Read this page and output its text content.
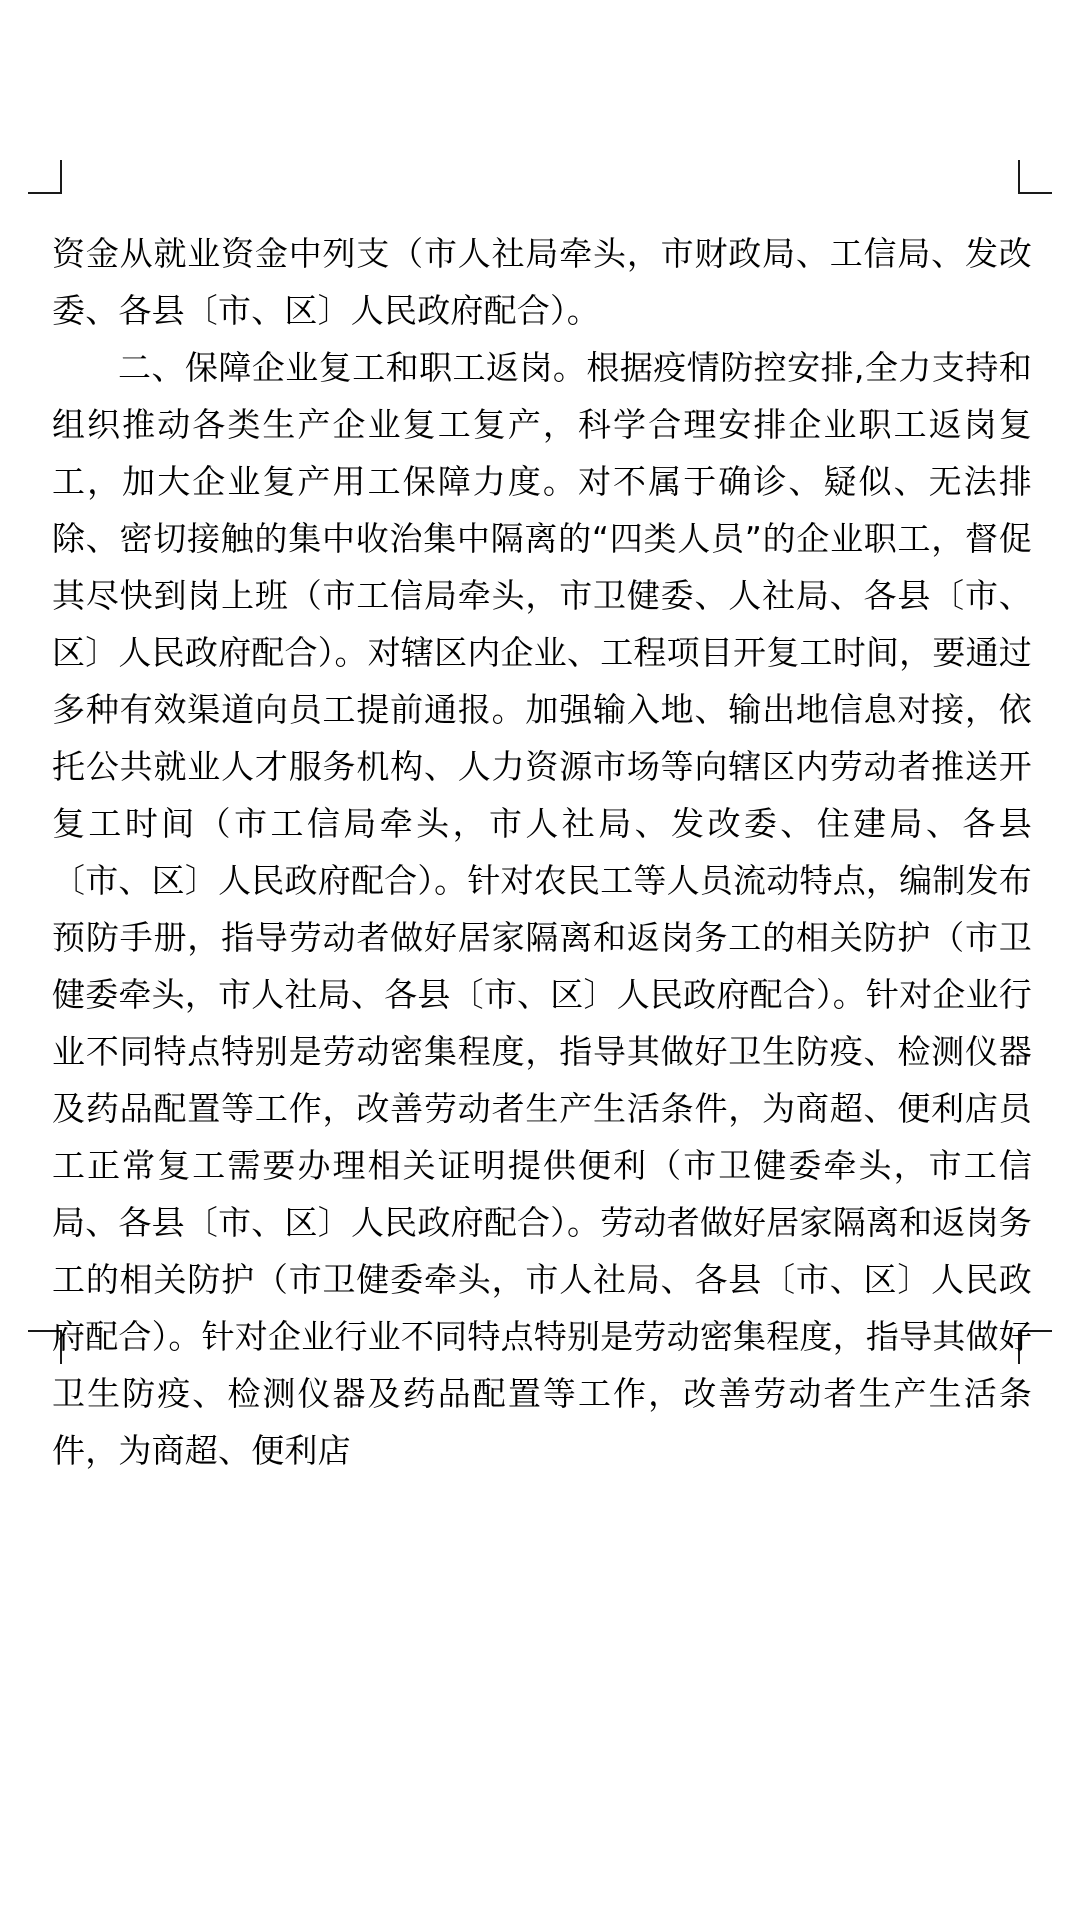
资金从就业资金中列支（市人社局牵头，市财政局、工信局、发改委、各县〔市、区〕人民政府配合）。

二、保障企业复工和职工返岗。根据疫情防控安排,全力支持和组织推动各类生产企业复工复产，科学合理安排企业职工返岗复工，加大企业复产用工保障力度。对不属于确诊、疑似、无法排除、密切接触的集中收治集中隔离的“四类人员”的企业职工，督促其尽快到岗上班（市工信局牵头，市卫健委、人社局、各县〔市、区〕人民政府配合）。对辖区内企业、工程项目开复工时间，要通过多种有效渠道向员工提前通报。加强输入地、输出地信息对接，依托公共就业人才服务机构、人力资源市场等向辖区内劳动者推送开复工时间（市工信局牵头，市人社局、发改委、住建局、各县〔市、区〕人民政府配合）。针对农民工等人员流动特点，编制发布预防手册，指导劳动者做好居家隔离和返岗务工的相关防护（市卫健委牵头，市人社局、各县〔市、区〕人民政府配合）。针对企业行业不同特点特别是劳动密集程度，指导其做好卫生防疫、检测仪器及药品配置等工作，改善劳动者生产生活条件，为商超、便利店员工正常复工需要办理相关证明提供便利（市卫健委牵头，市工信局、各县〔市、区〕人民政府配合）。劳动者做好居家隔离和返岗务工的相关防护（市卫健委牵头，市人社局、各县〔市、区〕人民政府配合）。针对企业行业不同特点特别是劳动密集程度，指导其做好卫生防疫、检测仪器及药品配置等工作，改善劳动者生产生活条件，为商超、便利店
